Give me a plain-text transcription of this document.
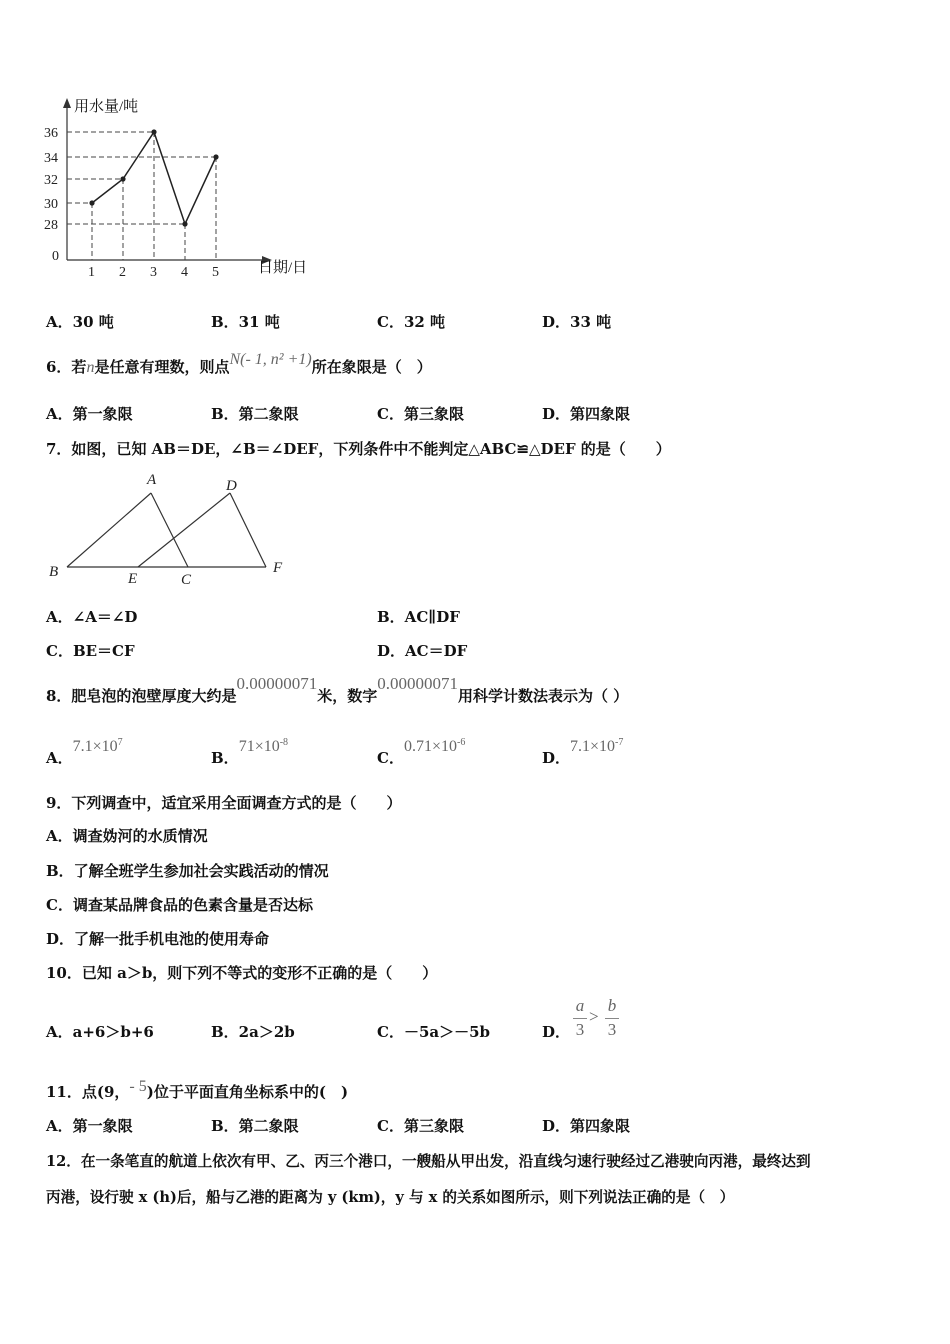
用水量/吨
日期/日
0
28
30
32
34
36
1 2 3 4 5
A．30 吨	B．31 吨	C．32 吨	D．33 吨
6．若n是任意有理数，则点N(- 1, n² +1)所在象限是（　）
A．第一象限	B．第二象限	C．第三象限	D．第四象限
7．如图，已知 AB＝DE，∠B＝∠DEF，下列条件中不能判定△ABC≌△DEF 的是（　　）
A	D
B	E	C
F
A．∠A＝∠D	B．AC∥DF
C．BE＝CF	D．AC＝DF
8．肥皂泡的泡壁厚度大约是0.00000071米，数字0.00000071用科学计数法表示为（ ）
A．$7.1\times 10^7$
B．$71\times 10^{-8}$
C．$0.71\times 10^{-6}$
D．$7.1\times 10^{-7}$
9．下列调查中，适宜采用全面调查方式的是（　　）
A．调查妫河的水质情况
B．了解全班学生参加社会实践活动的情况
C．调查某品牌食品的色素含量是否达标
D．了解一批手机电池的使用寿命
10．已知 a＞b，则下列不等式的变形不正确的是（　　）
A．a+6＞b+6	B．2a＞2b	C．－5a＞－5b	D．
a
3
>
b
3
11．点(9，- 5)位于平面直角坐标系中的(　)
A．第一象限	B．第二象限	C．第三象限	D．第四象限
12．在一条笔直的航道上依次有甲、乙、丙三个港口，一艘船从甲出发，沿直线匀速行驶经过乙港驶向丙港，最终达到
丙港，设行驶 x (h)后，船与乙港的距离为 y (km)，y 与 x 的关系如图所示，则下列说法正确的是（　）
